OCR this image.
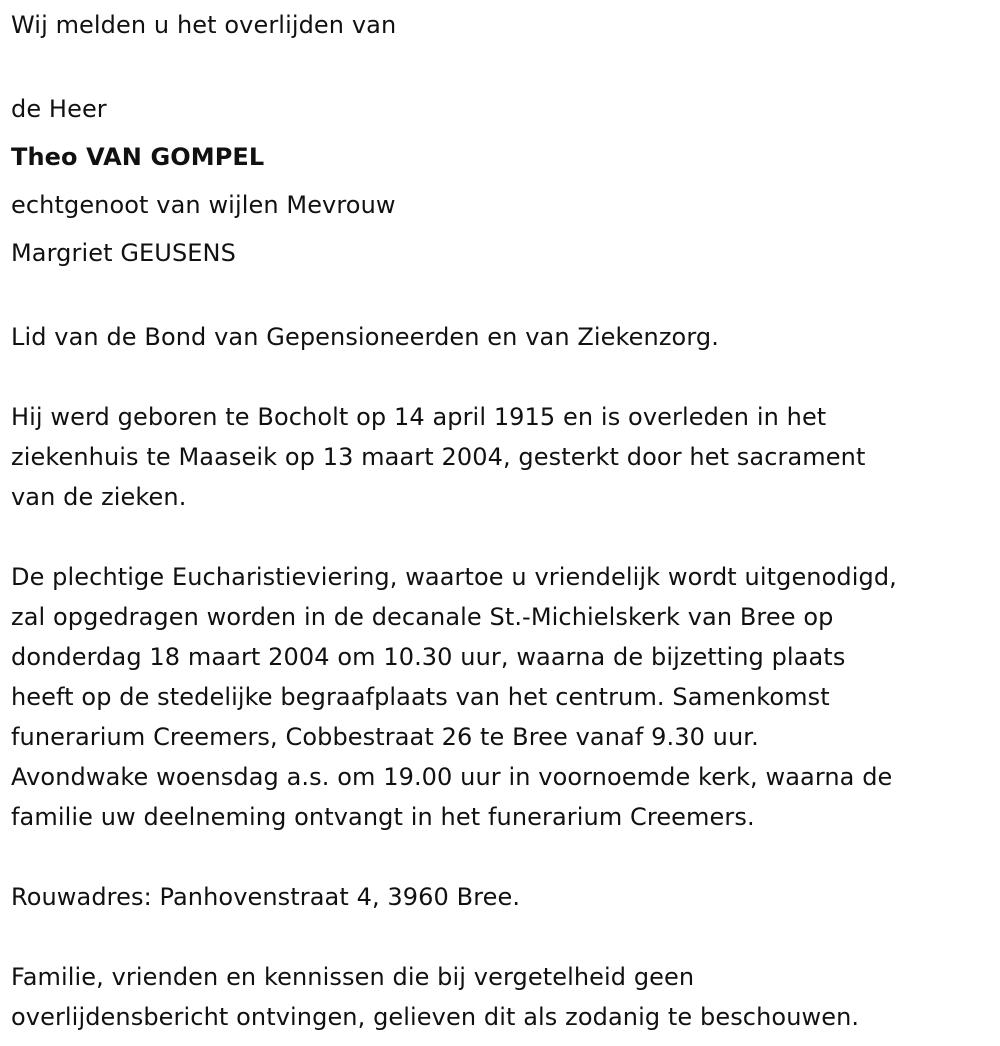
Wij melden u het overlijden van
de Heer
Theo VAN GOMPEL
echtgenoot van wijlen Mevrouw
Margriet GEUSENS
Lid van de Bond van Gepensioneerden en van Ziekenzorg.
Hij werd geboren te Bocholt op 14 april 1915 en is overleden in het
ziekenhuis te Maaseik op 13 maart 2004, gesterkt door het sacrament
van de zieken.
De plechtige Eucharistieviering, waartoe u vriendelijk wordt uitgenodigd,
zal opgedragen worden in de decanale St.-Michielskerk van Bree op
donderdag 18 maart 2004 om 10.30 uur, waarna de bijzetting plaats
heeft op de stedelijke begraafplaats van het centrum. Samenkomst
funerarium Creemers, Cobbestraat 26 te Bree vanaf 9.30 uur.
Avondwake woensdag a.s. om 19.00 uur in voornoemde kerk, waarna de
familie uw deelneming ontvangt in het funerarium Creemers.
Rouwadres: Panhovenstraat 4, 3960 Bree.
Familie, vrienden en kennissen die bij vergetelheid geen
overlijdensbericht ontvingen, gelieven dit als zodanig te beschouwen.
